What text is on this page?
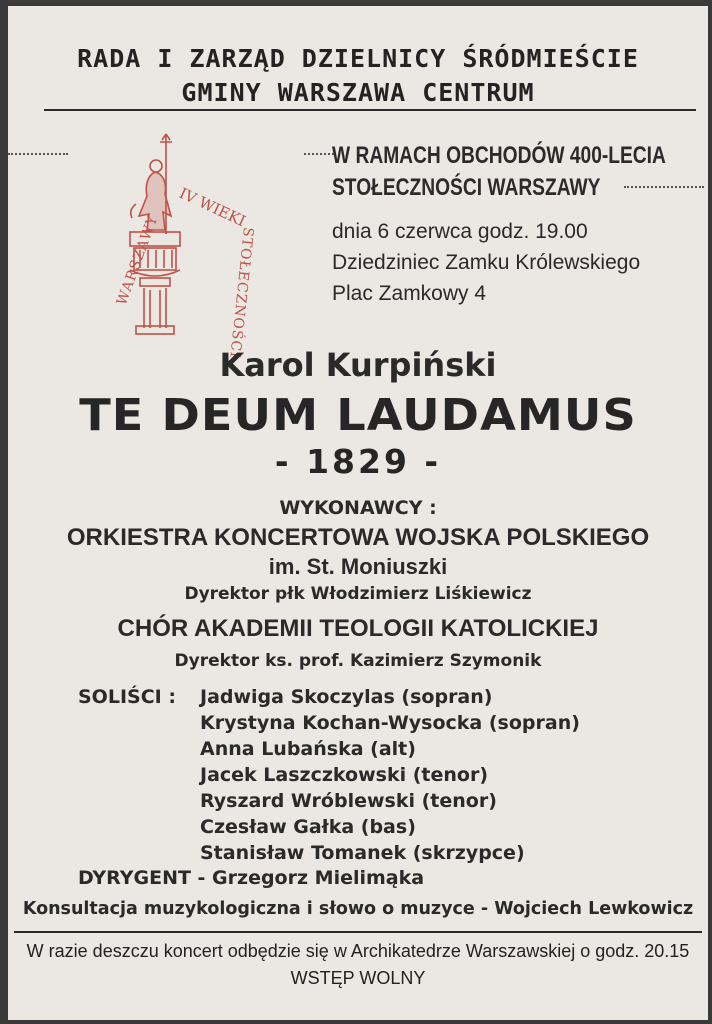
RADA I ZARZĄD DZIELNICY ŚRÓDMIEŚCIE
GMINY WARSZAWA CENTRUM
IV WIEKI
WARSZAWY	STOŁECZNOŚCI
W RAMACH OBCHODÓW 400-LECIA
STOŁECZNOŚCI WARSZAWY
dnia 6 czerwca godz. 19.00
Dziedziniec Zamku Królewskiego
Plac Zamkowy 4
Karol Kurpiński
TE DEUM LAUDAMUS
- 1829 -
WYKONAWCY :
ORKIESTRA KONCERTOWA WOJSKA POLSKIEGO
im. St. Moniuszki
Dyrektor płk Włodzimierz Liśkiewicz
CHÓR AKADEMII TEOLOGII KATOLICKIEJ
Dyrektor ks. prof. Kazimierz Szymonik
SOLIŚCI : Jadwiga Skoczylas (sopran)
Krystyna Kochan-Wysocka (sopran)
Anna Lubańska (alt)
Jacek Laszczkowski (tenor)
Ryszard Wróblewski (tenor)
Czesław Gałka (bas)
Stanisław Tomanek (skrzypce)
DYRYGENT - Grzegorz Mielimąka
Konsultacja muzykologiczna i słowo o muzyce - Wojciech Lewkowicz
W razie deszczu koncert odbędzie się w Archikatedrze Warszawskiej o godz. 20.15
WSTĘP WOLNY
